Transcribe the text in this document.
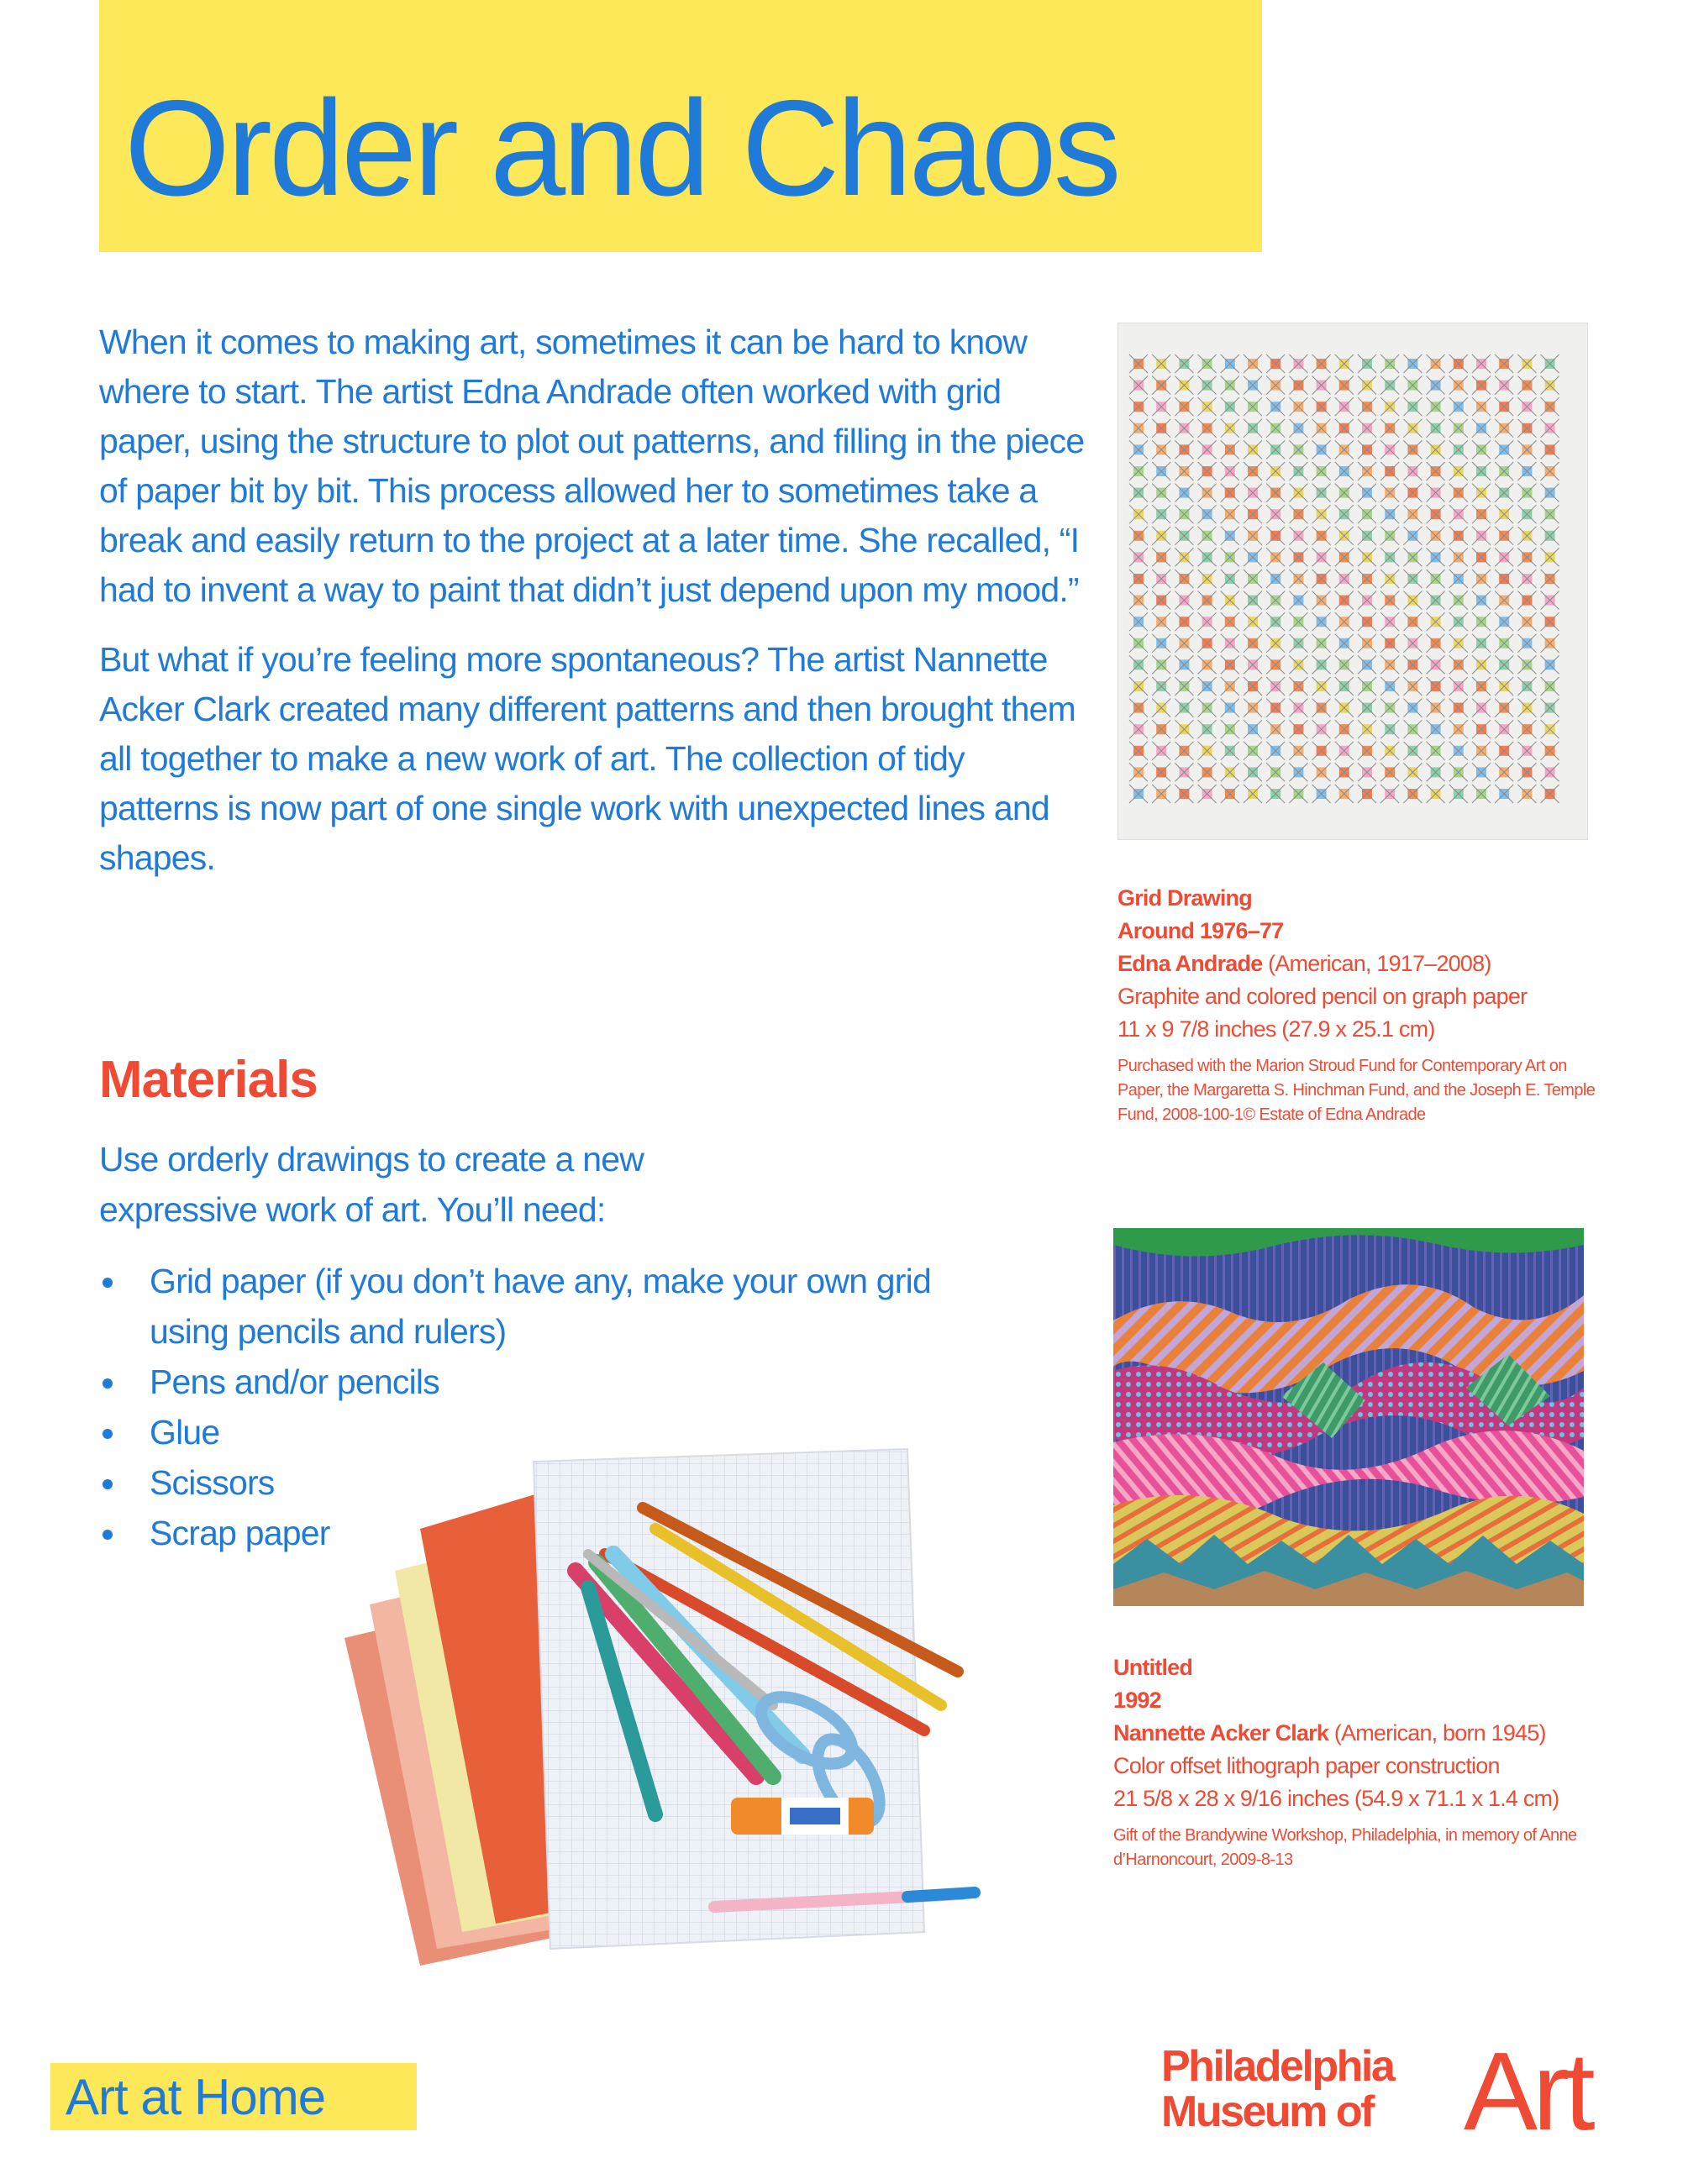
Order and Chaos

When it comes to making art, sometimes it can be hard to know where to start. The artist Edna Andrade often worked with grid paper, using the structure to plot out patterns, and filling in the piece of paper bit by bit. This process allowed her to sometimes take a break and easily return to the project at a later time. She recalled, “I had to invent a way to paint that didn’t just depend upon my mood.”

But what if you’re feeling more spontaneous? The artist Nannette Acker Clark created many different patterns and then brought them all together to make a new work of art. The collection of tidy patterns is now part of one single work with unexpected lines and shapes.

Materials

Use orderly drawings to create a new expressive work of art. You’ll need:

Grid paper (if you don’t have any, make your own grid using pencils and rulers)
Pens and/or pencils
Glue
Scissors
Scrap paper
Grid Drawing
Around 1976–77
Edna Andrade (American, 1917–2008)
Graphite and colored pencil on graph paper
11 x 9 7/8 inches (27.9 x 25.1 cm)
Purchased with the Marion Stroud Fund for Contemporary Art on Paper, the Margaretta S. Hinchman Fund, and the Joseph E. Temple Fund, 2008-100-1© Estate of Edna Andrade
Untitled
1992
Nannette Acker Clark (American, born 1945)
Color offset lithograph paper construction
21 5/8 x 28 x 9/16 inches (54.9 x 71.1 x 1.4 cm)
Gift of the Brandywine Workshop, Philadelphia, in memory of Anne d’Harnoncourt, 2009-8-13

Art at Home

Philadelphia
Museum of Art
